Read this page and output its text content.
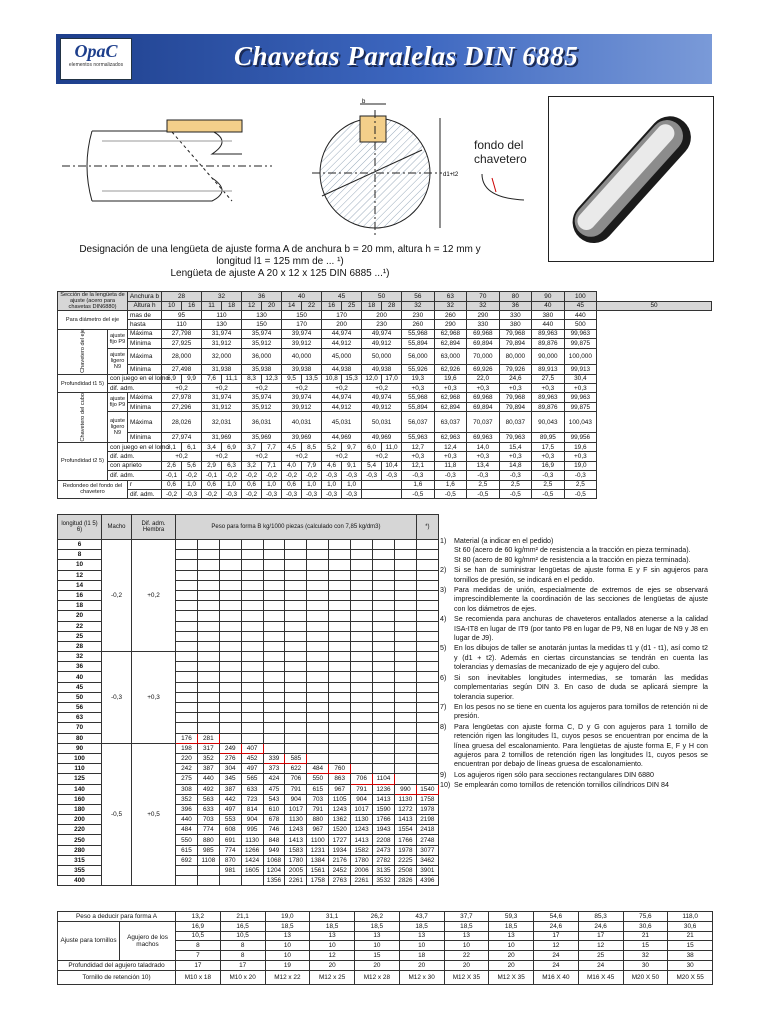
OpaC
elementos normalizados	Chavetas Paralelas DIN 6885
b
d1+t2
fondo del chavetero
Designación de una lengüeta de ajuste forma A de anchura b = 20 mm, altura h = 12 mm y
longitud l1 = 125 mm de ... ¹)
Lengüeta de ajuste A 20 x 12 x 125 DIN 6885 ...¹)
Sección de la lengüeta de ajuste (acero para chavetas DIN6880)		Anchura b	28		32		36		40		45		50		56	63	70	80	90	100	
		Altura h	10	16	11	18	12	20	14	22	16	25	18	28	32	32	32	36	40	45	50
Para diámetro del eje		mas de	95		110		130		150		170		200		230	260	290	330	380	440	
		hasta	110		130		150		170		200		230		260	290	330	380	440	500	
Chavetero del eje	ajuste fijo P9	Máxima	27,798		31,974		35,974		39,974		44,974		49,974		55,968	62,968	69,968	79,968	89,963	99,963	
		Mínima	27,925		31,912		35,912		39,912		44,912		49,912		55,894	62,894	69,894	79,894	89,876	99,875	
	ajuste ligero N9	Máxima	28,000		32,000		36,000		40,000		45,000		50,000		56,000	63,000	70,000	80,000	90,000	100,000	
		Mínima	27,498		31,938		35,938		39,938		44,938		49,938		55,926	62,926	69,926	79,926	89,913	99,913	
Profundidad t1 5)	con juego en el lomo		6,9	9,9	7,6	11,1	8,3	12,3	9,5	13,5	10,8	15,3	12,0	17,0	19,3	19,6	22,0	24,6	27,5	30,4	
	dif. adm.		+0,2		+0,2		+0,2		+0,2		+0,2		+0,2		+0,3	+0,3	+0,3	+0,3	+0,3	+0,3	
Chavetero del cubo	ajuste fijo P9	Máxima	27,978		31,974		35,974		39,974		44,974		49,974		55,968	62,968	69,968	79,968	89,963	99,963	
		Mínima	27,296		31,912		35,912		39,912		44,912		49,912		55,894	62,894	69,894	79,894	89,876	99,875	
	ajuste ligero N9	Máxima	28,026		32,031		36,031		40,031		45,031		50,031		56,037	63,037	70,037	80,037	90,043	100,043	
		Mínima	27,974		31,969		35,969		39,969		44,969		49,969		55,963	62,963	69,963	79,963	89,95	99,956	
Profundidad t2 5)	con juego en el lomo		3,1	6,1	3,4	6,9	3,7	7,7	4,5	8,5	5,2	9,7	6,0	11,0	12,7	12,4	14,0	15,4	17,5	19,6	
	dif. adm.		+0,2		+0,2		+0,2		+0,2		+0,2		+0,2		+0,3	+0,3	+0,3	+0,3	+0,3	+0,3	
	con aprieto		2,6	5,6	2,9	6,3	3,2	7,1	4,0	7,9	4,6	9,1	5,4	10,4	12,1	11,8	13,4	14,8	16,9	19,0	
	dif. adm.		-0,1	-0,2	-0,1	-0,2	-0,2	-0,2	-0,2	-0,2	-0,3	-0,3	-0,3	-0,3	-0,3	-0,3	-0,3	-0,3	-0,3	-0,3	
Redondeo del fondo del chavetero		r	0,6	1,0	0,6	1,0	0,6	1,0	0,6	1,0	1,0	1,0			1,6	1,6	2,5	2,5	2,5	2,5	
		dif. adm.	-0,2	-0,3	-0,2	-0,3	-0,2	-0,3	-0,3	-0,3	-0,3	-0,3			-0,5	-0,5	-0,5	-0,5	-0,5	-0,5	
longitud (l1 5) 6)	Macho	Dif. adm. Hembra	Peso para forma B kg/1000 piezas (calculado con 7,85 kg/dm3)											*)
6	-0,2	+0,2												
8														
10														
12														
14														
16														
18														
20														
22														
25														
28														
32	-0,3	+0,3												
36														
40														
45														
50														
56														
63														
70														
80			176	281										
90	-0,5	+0,5	198	317	249	407								
100			220	352	276	452	339	585						
110			242	387	304	497	373	622	484	760				
125			275	440	345	565	424	706	550	863	706	1104		
140			308	492	387	633	475	791	615	967	791	1236	990	1540
160			352	563	442	723	543	904	703	1105	904	1413	1130	1758
180			396	633	497	814	610	1017	791	1243	1017	1590	1272	1978
200			440	703	553	904	678	1130	880	1362	1130	1766	1413	2198
220			484	774	608	995	746	1243	967	1520	1243	1943	1554	2418
250			550	880	691	1130	848	1413	1100	1727	1413	2208	1766	2748
280			615	985	774	1266	949	1583	1231	1934	1582	2473	1978	3077
315			692	1108	870	1424	1068	1780	1384	2176	1780	2782	2225	3462
355					981	1605	1204	2005	1561	2452	2006	3135	2508	3901
400							1356	2261	1758	2763	2261	3532	2826	4396
1)	Material (a indicar en el pedido)
St 60 (acero de 60 kg/mm² de resistencia a la tracción en pieza terminada).
St 80 (acero de 80 kg/mm² de resistencia a la tracción en pieza terminada).
2)	Si se han de suministrar lengüetas de ajuste forma E y F sin agujeros para tornillos de presión, se indicará en el pedido.
3)	Para medidas de unión, especialmente de extremos de ejes se observará imprescindiblemente la coordinación de las secciones de lengüetas de ajuste con los diámetros de ejes.
4)	Se recomienda para anchuras de chaveteros entallados atenerse a la calidad ISA-IT8 en lugar de IT9 (por tanto P8 en lugar de P9, N8 en lugar de N9 y J8 en lugar de J9).
5)	En los dibujos de taller se anotarán juntas la medidas t1 y (d1 - t1), así como t2 y (d1 + t2). Además en ciertas circunstancias se tendrán en cuenta las tolerancias y demasías de mecanizado de eje y agujero del cubo.
6)	Si son inevitables longitudes intermedias, se tomarán las medidas complementarias según DIN 3. En caso de duda se aplicará siempre la tolerancia superior.
7)	En los pesos no se tiene en cuenta los agujeros para tornillos de retención ni de presión.
8)	Para lengüetas con ajuste forma C, D y G con agujeros para 1 tornillo de retención rigen las longitudes l1, cuyos pesos se encuentran por encima de la línea gruesa del escalonamiento. Para lengüetas de ajuste forma E, F y H con agujeros para 2 tornillos de retención rigen las longitudes l1, cuyos pesos se encuentran por debajo de líneas gruesa de escalonamiento.
9)	Los agujeros rigen sólo para secciones rectangulares DIN 6880
10) Se emplearán como tornillos de retención tornillos cilíndricos DIN 84
Peso a deducir para forma A		13,2	21,1	19,0	31,1	26,2	43,7	37,7	59,3	54,6	85,3	75,6	118,0
Ajuste para tornillos	Agujero de los machos	16,9	16,5	18,5	18,5	18,5	18,5	18,5	18,5	24,6	24,6	30,6	30,6
		10,5	10,5	13	13	13	13	13	13	17	17	21	21
		8	8	10	10	10	10	10	10	12	12	15	15
		7	8	10	12	15	18	22	20	24	25	32	38
Profundidad del agujero taladrado		17	17	19	20	20	20	20	20	24	24	30	30
Tornillo de retención 10)		M10 x 18	M10 x 20	M12 x 22	M12 x 25	M12 x 28	M12 x 30	M12 X 35	M12 X 35	M16 X 40	M16 X 45	M20 X 50	M20 X 55
